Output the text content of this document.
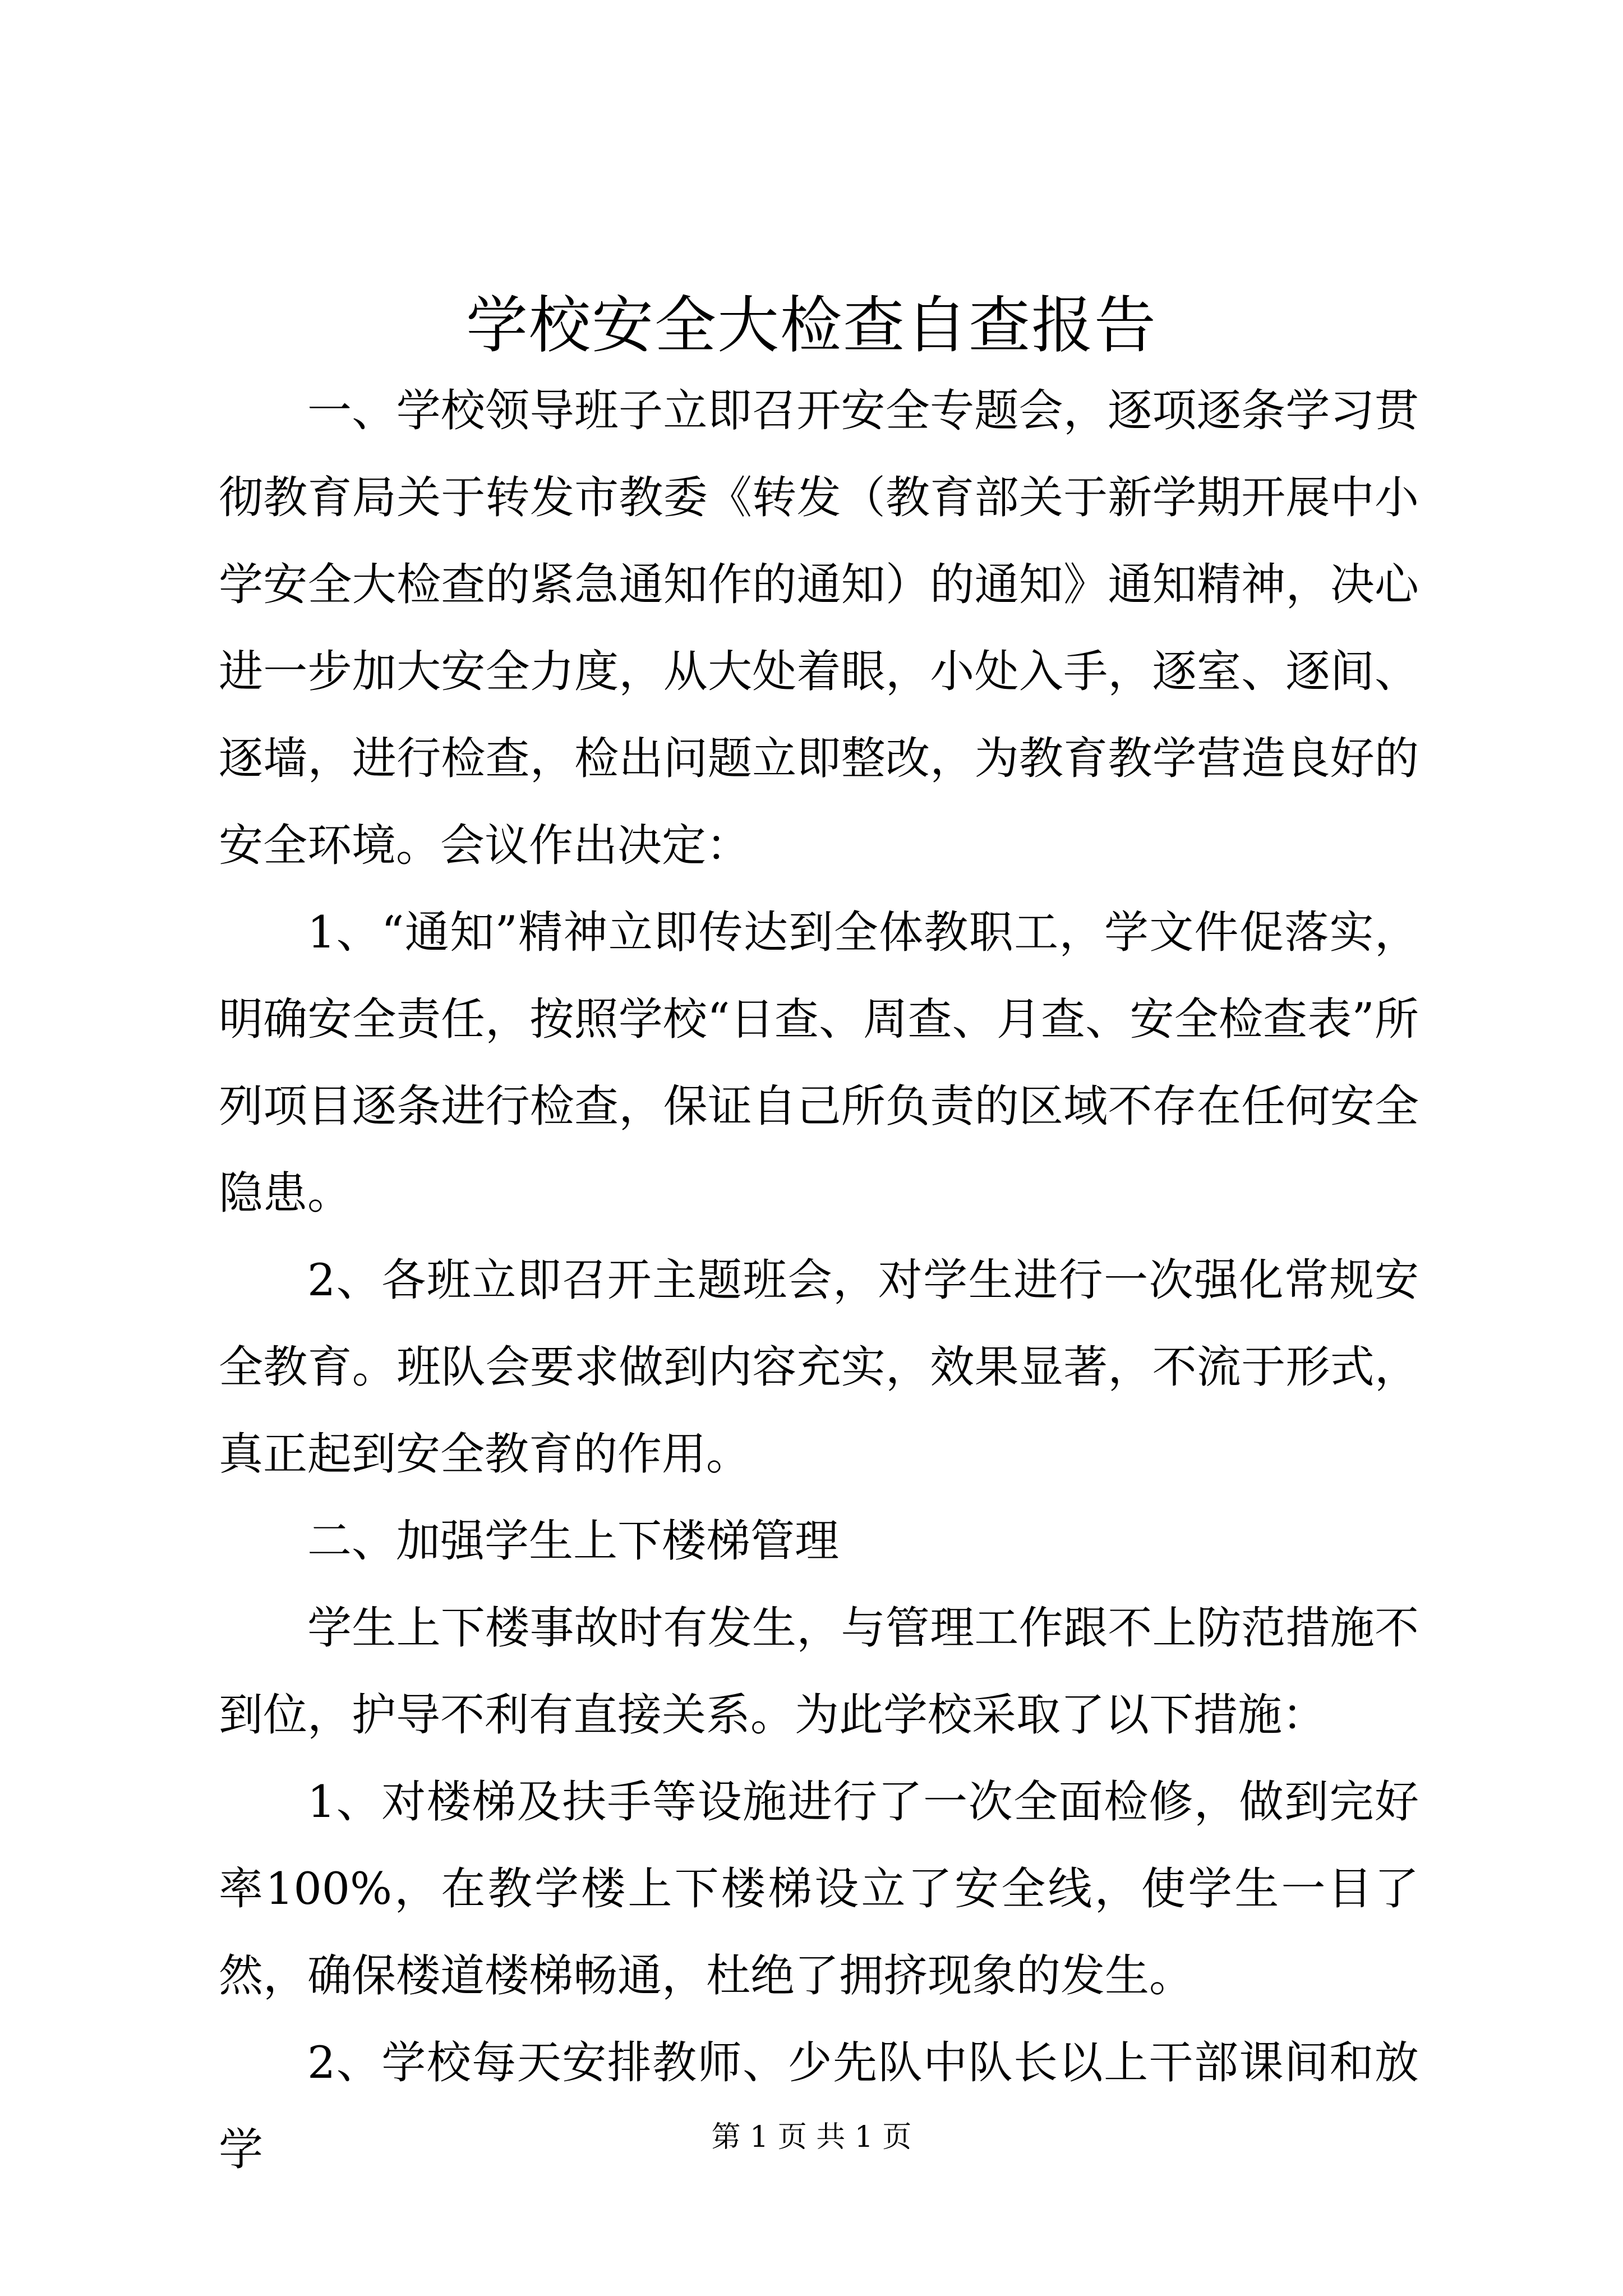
学校安全大检查自查报告

一、学校领导班子立即召开安全专题会，逐项逐条学习贯彻教育局关于转发市教委《转发（教育部关于新学期开展中小学安全大检查的紧急通知作的通知）的通知》通知精神，决心进一步加大安全力度，从大处着眼，小处入手，逐室、逐间、逐墙，进行检查，检出问题立即整改，为教育教学营造良好的安全环境。会议作出决定：

1、“通知”精神立即传达到全体教职工，学文件促落实，明确安全责任，按照学校“日查、周查、月查、安全检查表”所列项目逐条进行检查，保证自己所负责的区域不存在任何安全隐患。

2、各班立即召开主题班会，对学生进行一次强化常规安全教育。班队会要求做到内容充实，效果显著，不流于形式，真正起到安全教育的作用。

二、加强学生上下楼梯管理

学生上下楼事故时有发生，与管理工作跟不上防范措施不到位，护导不利有直接关系。为此学校采取了以下措施：

1、对楼梯及扶手等设施进行了一次全面检修，做到完好率100%，在教学楼上下楼梯设立了安全线，使学生一目了然，确保楼道楼梯畅通，杜绝了拥挤现象的发生。

2、学校每天安排教师、少先队中队长以上干部课间和放学	第 1 页 共 1 页
